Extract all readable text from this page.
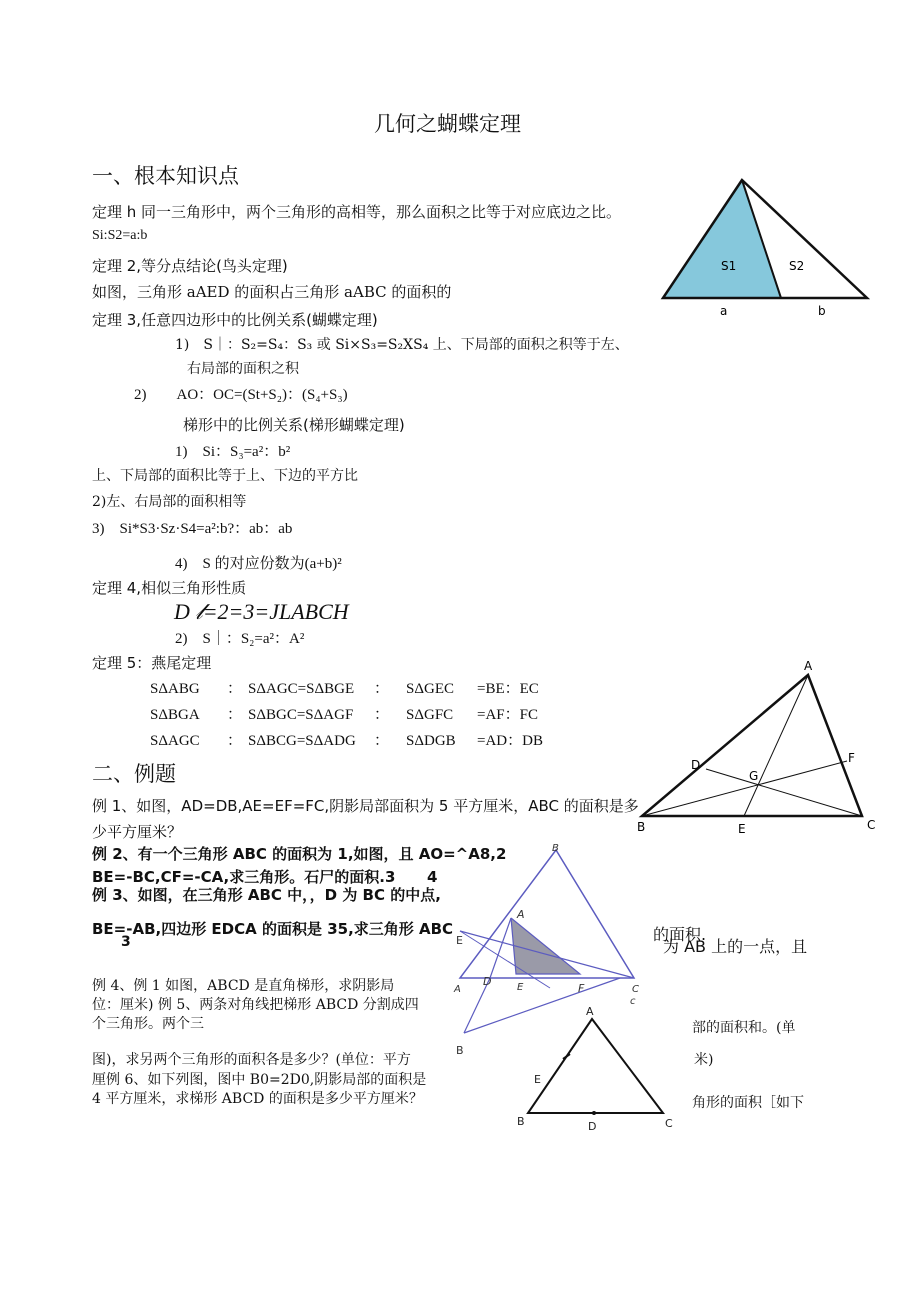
几何之蝴蝶定理
一、根本知识点
定理 h 同一三角形中，两个三角形的高相等，那么面积之比等于对应底边之比。
Si:S2=a:b
定理 2,等分点结论(鸟头定理)
如图，三角形 aAED 的面积占三角形 aABC 的面积的
定理 3,任意四边形中的比例关系(蝴蝶定理)
1)　S｜：S₂=S₄：S₃ 或 Si×S₃=S₂XS₄ 上、下局部的面积之积等于左、
右局部的面积之积
2)　　AO：OC=(St+S₂)：(S₄+S₃)
梯形中的比例关系(梯形蝴蝶定理)
1)　Si：S₃=a²：b²
上、下局部的面积比等于上、下边的平方比
2)左、右局部的面积相等
3)　Si*S3·Sz·S4=a²:b?：ab：ab
4)　S 的对应份数为(a+b)²
定理 4,相似三角形性质
D 𝓁=2=3=JLABCH
2)　S｜：S₂=a²：A²
定理 5：燕尾定理
SΔABG ： SΔAGC=SΔBGE ： SΔGEC =BE：EC
SΔBGA ： SΔBGC=SΔAGF ： SΔGFC =AF：FC
SΔAGC ： SΔBCG=SΔADG ： SΔDGB =AD：DB
二、例题
例 1、如图，AD=DB,AE=EF=FC,阴影局部面积为 5 平方厘米，ABC 的面积是多
少平方厘米？
例 2、有一个三角形 ABC 的面积为 1,如图，且 AO=^A8,2
BE=-BC,CF=-CA,求三角形。石尸的面积.3 4
例 3、如图，在三角形 ABC 中，，D 为 BC 的中点,
BE=-AB,四边形 EDCA 的面积是 35,求三角形 ABC
3	的面积.
为 AB 上的一点，且
例 4、例 1 如图，ABCD 是直角梯形，求阴影局
位：厘米) 例 5、两条对角线把梯形 ABCD 分割成四
个三角形。两个三	部的面积和。(单
米)
图)，求另两个三角形的面积各是多少？(单位：平方
厘例 6、如下列图，图中 B0=2D0,阴影局部的面积是
4 平方厘米，求梯形 ABCD 的面积是多少平方厘米？	角形的面积［如下
S1	S2
a	b
A
B	C
D
E
F
G
B
A
E
A
D	E	F	C
c
B
A
E
B	D	C
